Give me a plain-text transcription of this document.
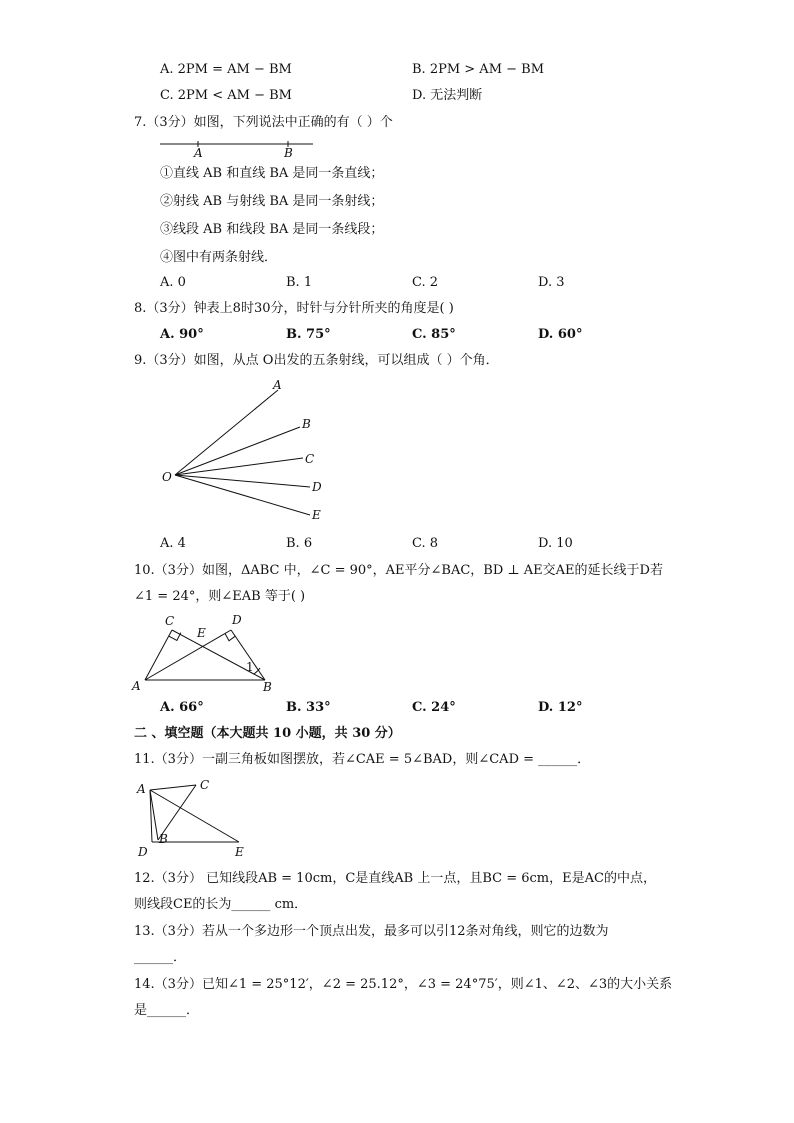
A. 2PM = AM − BM	B. 2PM > AM − BM
C. 2PM < AM − BM	D. 无法判断
7.（3分）如图，下列说法中正确的有（ ）个
A	B
①直线 AB 和直线 BA 是同一条直线；
②射线 AB 与射线 BA 是同一条射线；
③线段 AB 和线段 BA 是同一条线段；
④图中有两条射线．
A. 0	B. 1	C. 2	D. 3
8.（3分）钟表上8时30分，时针与分针所夹的角度是( )
A. 90°	B. 75°	C. 85°	D. 60°
9.（3分）如图，从点 O出发的五条射线，可以组成（ ）个角．
O
A
B
C
D
E
A. 4	B. 6	C. 8	D. 10
10.（3分）如图，ΔABC 中，∠C = 90°，AE平分∠BAC，BD ⊥ AE交AE的延长线于D若
∠1 = 24°，则∠EAB 等于( )
C
E
D
A	B
1
A. 66°	B. 33°	C. 24°	D. 12°
二 、填空题（本大题共 10 小题，共 30 分）
11.（3分）一副三角板如图摆放，若∠CAE = 5∠BAD，则∠CAD = ______．
A	C
B
D	E
12.（3分） 已知线段AB = 10cm，C是直线AB 上一点，且BC = 6cm，E是AC的中点，
则线段CE的长为______ cm．
13.（3分）若从一个多边形一个顶点出发，最多可以引12条对角线，则它的边数为
______．
14.（3分）已知∠1 = 25°12′，∠2 = 25.12°，∠3 = 24°75′，则∠1、∠2、∠3的大小关系
是______．
